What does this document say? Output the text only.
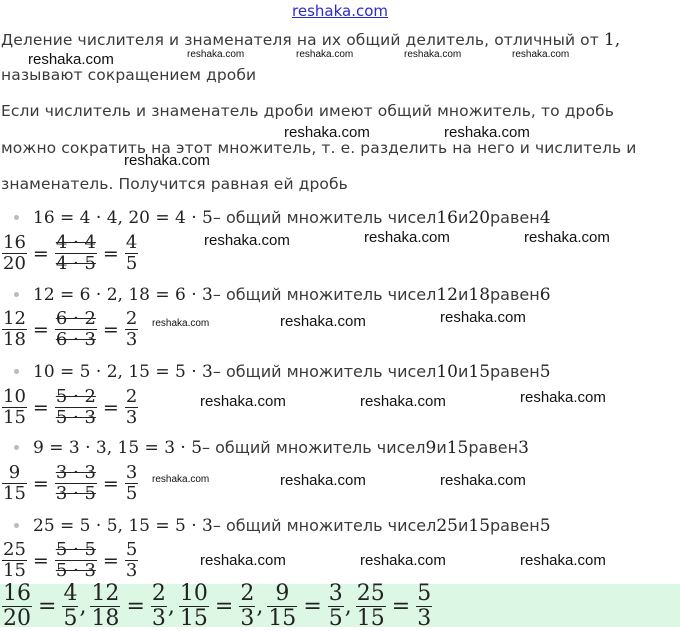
reshaka.com
Деление числителя и знаменателя на их общий делитель, отличный от 1,
reshaka.com	reshaka.com	reshaka.com	reshaka.com	reshaka.com
называют сокращением дроби
Если числитель и знаменатель дроби имеют общий множитель, то дробь
reshaka.com	reshaka.com
можно сократить на этот множитель, т. е. разделить на него и числитель и
reshaka.com
знаменатель. Получится равная ей дробь
16 = 4 · 4, 20 = 4 · 5 – общий множитель чисел 16 и 20 равен 4
$\frac{16}{20} = \frac{4 \cdot 4}{4 \cdot 5} = \frac{4}{5}$	reshaka.com	reshaka.com	reshaka.com
12 = 6 · 2, 18 = 6 · 3 – общий множитель чисел 12 и 18 равен 6
$\frac{12}{18} = \frac{6 \cdot 2}{6 \cdot 3} = \frac{2}{3}$ reshaka.com	reshaka.com	reshaka.com
10 = 5 · 2, 15 = 5 · 3 – общий множитель чисел 10 и 15 равен 5
$\frac{10}{15} = \frac{5 \cdot 2}{5 \cdot 3} = \frac{2}{3}$	reshaka.com	reshaka.com	reshaka.com
9 = 3 · 3, 15 = 3 · 5 – общий множитель чисел 9 и 15 равен 3
$\frac{9}{15} = \frac{3 \cdot 3}{3 \cdot 5} = \frac{3}{5}$ reshaka.com	reshaka.com	reshaka.com
25 = 5 · 5, 15 = 5 · 3 – общий множитель чисел 25 и 15 равен 5
$\frac{25}{15} = \frac{5 \cdot 5}{5 \cdot 3} = \frac{5}{3}$	reshaka.com	reshaka.com	reshaka.com
$\frac{16}{20} = \frac{4}{5}$ , $\frac{12}{18} = \frac{2}{3}$ , $\frac{10}{15} = \frac{2}{3}$ , $\frac{9}{15} = \frac{3}{5}$ , $\frac{25}{15} = \frac{5}{3}$
